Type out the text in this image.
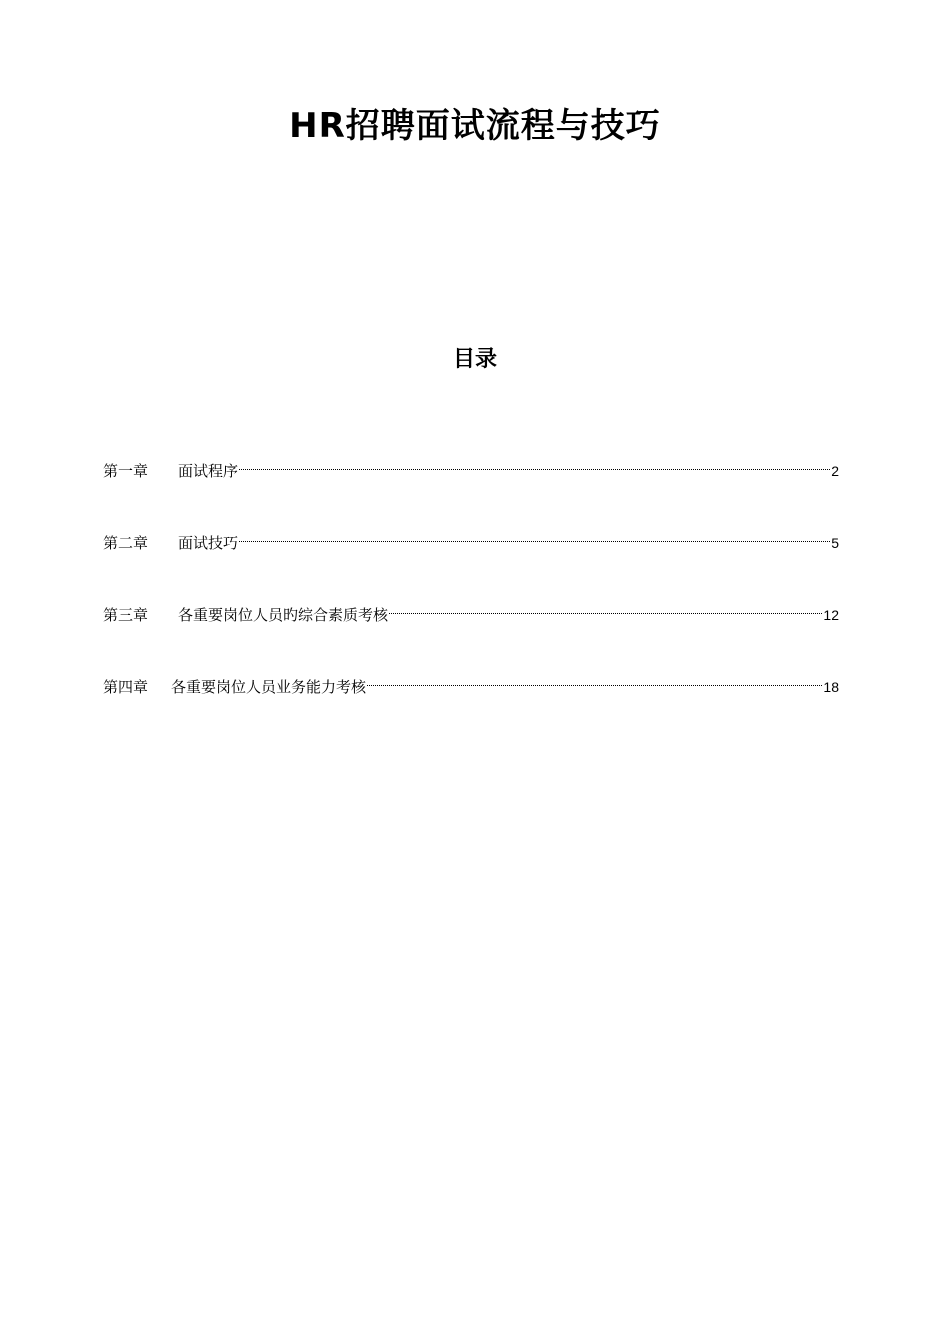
HR招聘面试流程与技巧
目录
第一章	面试程序	2
第二章	面试技巧	5
第三章	各重要岗位人员旳综合素质考核	12
第四章	各重要岗位人员业务能力考核	18
